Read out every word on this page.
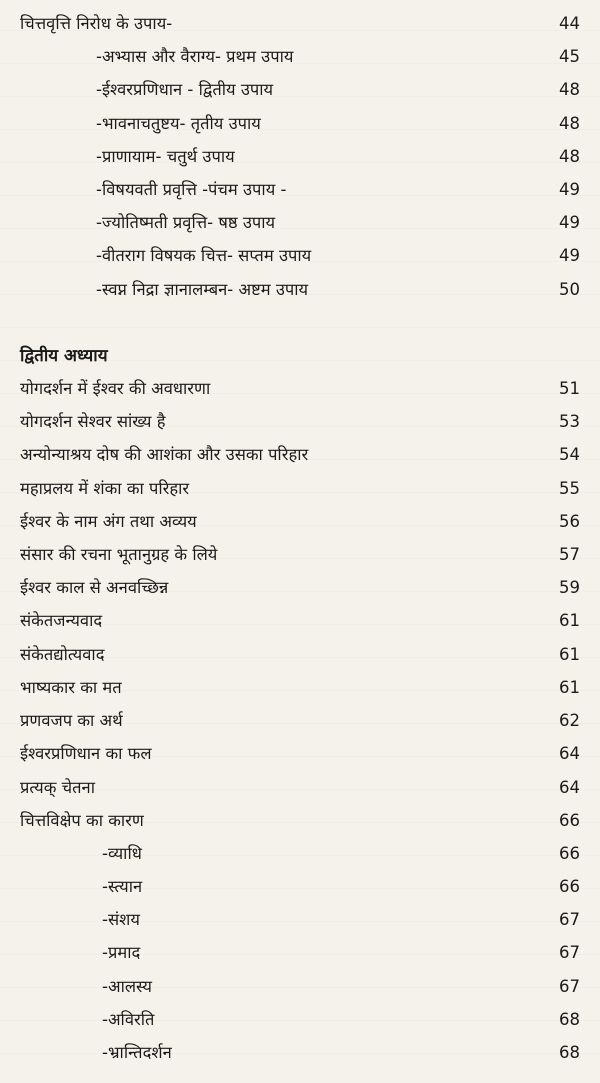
चित्तवृत्ति निरोध के उपाय-	44
-अभ्यास और वैराग्य- प्रथम उपाय	45
-ईश्वरप्रणिधान - द्वितीय उपाय	48
-भावनाचतुष्टय- तृतीय उपाय	48
-प्राणायाम- चतुर्थ उपाय	48
-विषयवती प्रवृत्ति -पंचम उपाय -	49
-ज्योतिष्मती प्रवृत्ति- षष्ठ उपाय	49
-वीतराग विषयक चित्त- सप्तम उपाय	49
-स्वप्न निद्रा ज्ञानालम्बन- अष्टम उपाय	50
द्वितीय अध्याय
योगदर्शन में ईश्वर की अवधारणा	51
योगदर्शन सेश्वर सांख्य है	53
अन्योन्याश्रय दोष की आशंका और उसका परिहार	54
महाप्रलय में शंका का परिहार	55
ईश्वर के नाम अंग तथा अव्यय	56
संसार की रचना भूतानुग्रह के लिये	57
ईश्वर काल से अनवच्छिन्न	59
संकेतजन्यवाद	61
संकेतद्योत्यवाद	61
भाष्यकार का मत	61
प्रणवजप का अर्थ	62
ईश्वरप्रणिधान का फल	64
प्रत्यक् चेतना	64
चित्तविक्षेप का कारण	66
-व्याधि	66
-स्त्यान	66
-संशय	67
-प्रमाद	67
-आलस्य	67
-अविरति	68
-भ्रान्तिदर्शन	68
